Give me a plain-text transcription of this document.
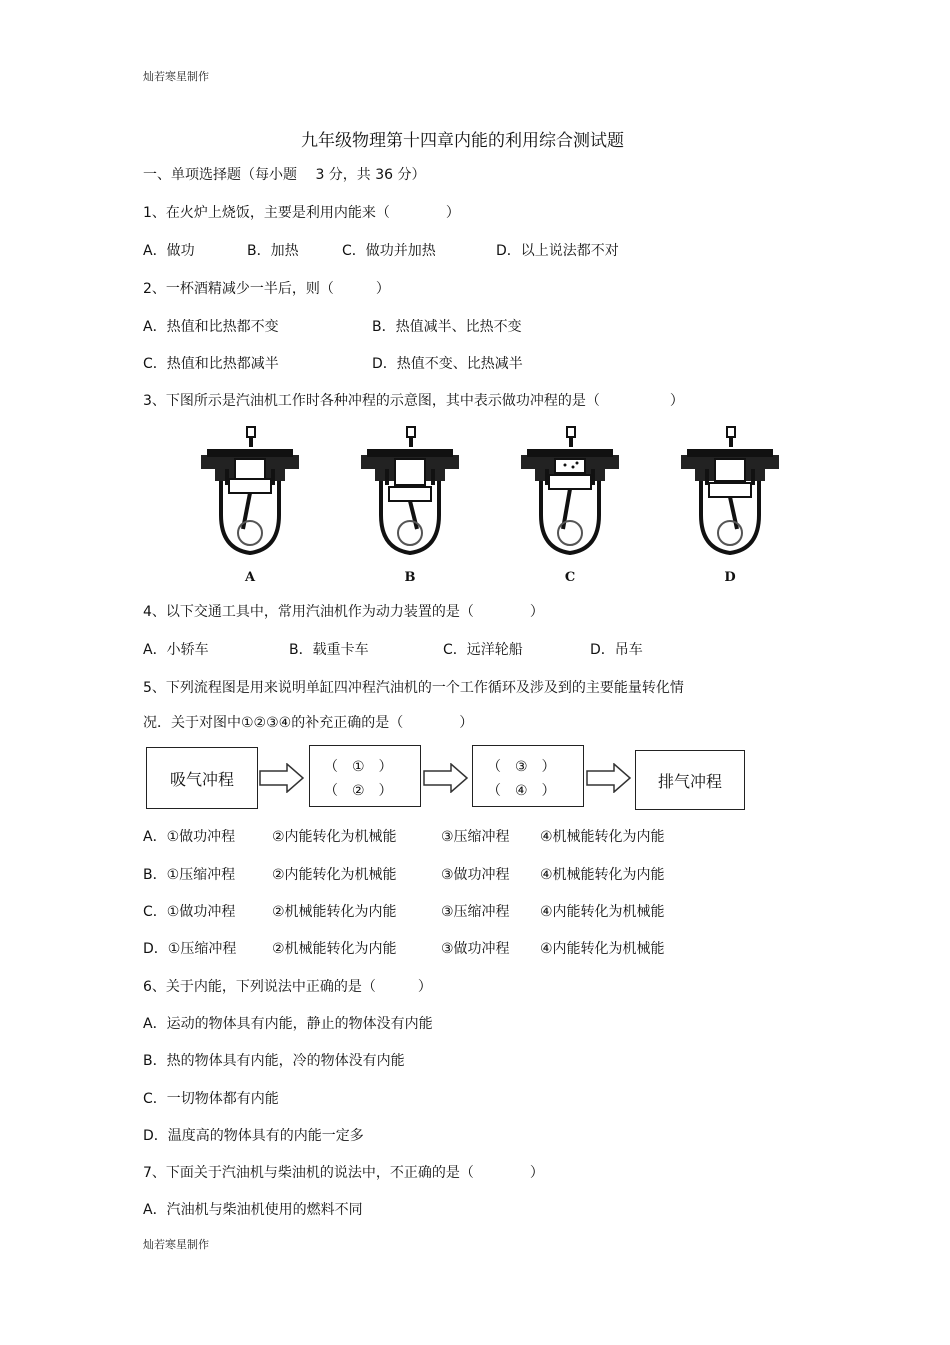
灿若寒星制作
九年级物理第十四章内能的利用综合测试题
一、单项选择题（每小题　 3 分，共 36 分）
1、在火炉上烧饭，主要是利用内能来（　　　　）
A．做功	B．加热	C．做功并加热	D．以上说法都不对
2、一杯酒精减少一半后，则（　　　）
A．热值和比热都不变	B．热值减半、比热不变
C．热值和比热都减半	D．热值不变、比热减半
3、下图所示是汽油机工作时各种冲程的示意图，其中表示做功冲程的是（　　　　　）
A	B	C	D
4、以下交通工具中，常用汽油机作为动力装置的是（　　　　）
A．小轿车	B．载重卡车	C．远洋轮船	D．吊车
5、下列流程图是用来说明单缸四冲程汽油机的一个工作循环及涉及到的主要能量转化情
况．关于对图中①②③④的补充正确的是（　　　　）
吸气冲程
（　①　）
（　②　）
（　③　）
（　④　）	排气冲程
A．①做功冲程	②内能转化为机械能	③压缩冲程 ④机械能转化为内能
B．①压缩冲程	②内能转化为机械能	③做功冲程 ④机械能转化为内能
C．①做功冲程	②机械能转化为内能	③压缩冲程 ④内能转化为机械能
D．①压缩冲程	②机械能转化为内能	③做功冲程 ④内能转化为机械能
6、关于内能，下列说法中正确的是（　　　）
A．运动的物体具有内能，静止的物体没有内能
B．热的物体具有内能，冷的物体没有内能
C．一切物体都有内能
D．温度高的物体具有的内能一定多
7、下面关于汽油机与柴油机的说法中，不正确的是（　　　　）
A．汽油机与柴油机使用的燃料不同
灿若寒星制作
